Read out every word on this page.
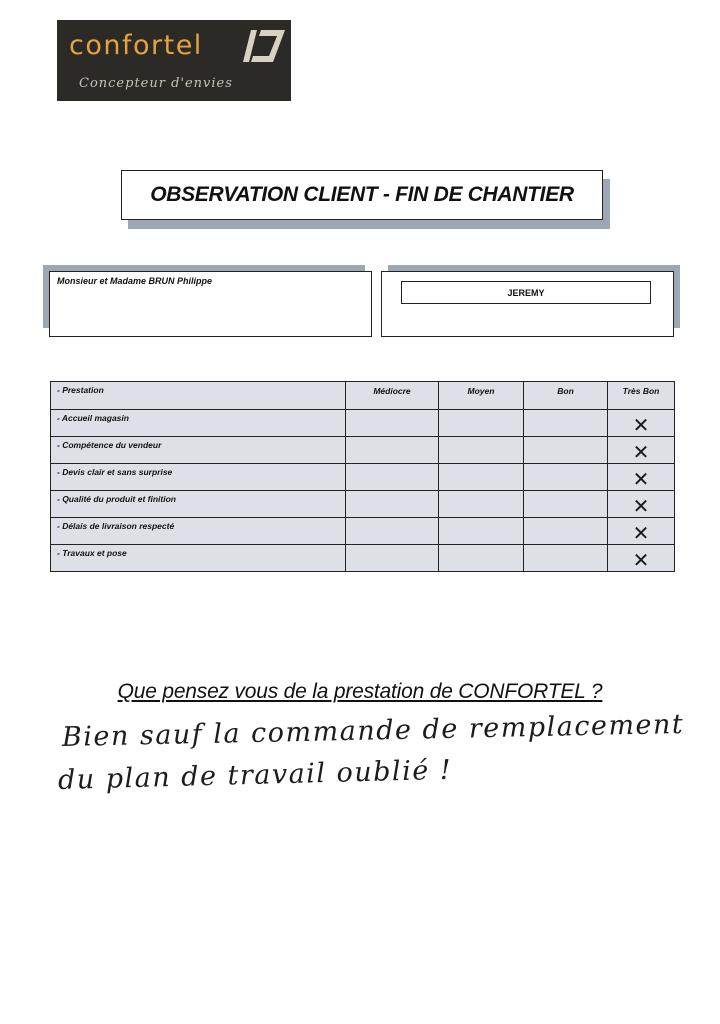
confortel
Concepteur d'envies
OBSERVATION CLIENT - FIN DE CHANTIER
Monsieur et Madame BRUN Philippe
JEREMY
- Prestation	Médiocre	Moyen	Bon	Très Bon
- Accueil magasin				✕

- Compétence du vendeur				✕

- Devis clair et sans surprise				✕

- Qualité du produit et finition				✕

- Délais de livraison respecté				✕

- Travaux et pose				✕
Que pensez vous de la prestation de CONFORTEL ?
Bien sauf la commande de remplacement
du plan de travail oublié !
